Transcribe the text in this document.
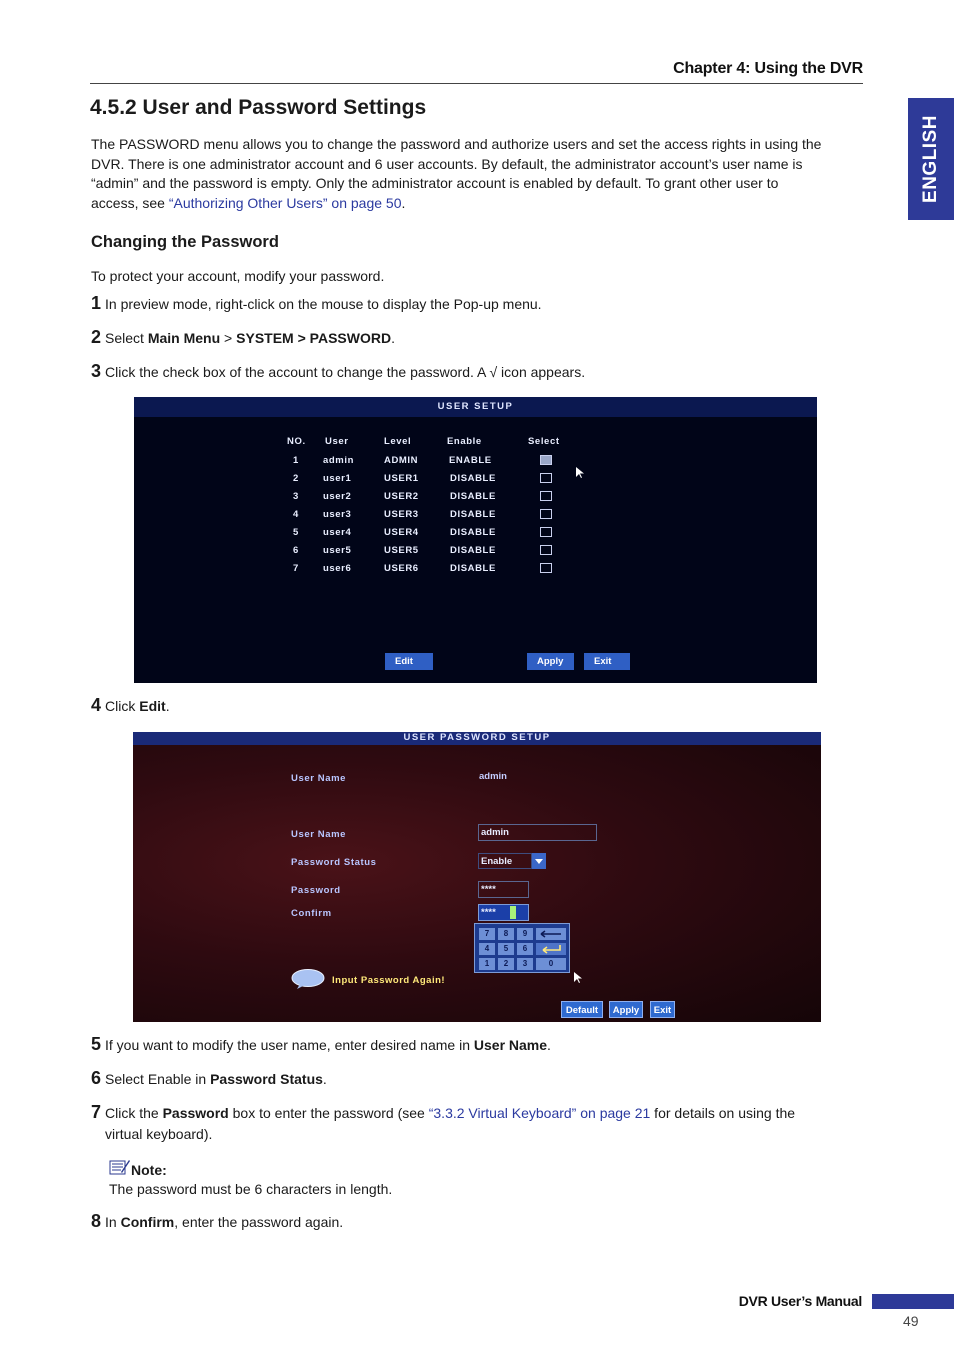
Chapter 4: Using the DVR
ENGLISH
4.5.2 User and Password Settings
The PASSWORD menu allows you to change the password and authorize users and set the access rights in using the
DVR. There is one administrator account and 6 user accounts. By default, the administrator account’s user name is
“admin” and the password is empty. Only the administrator account is enabled by default. To grant other user to
access, see “Authorizing Other Users” on page 50.
Changing the Password
To protect your account, modify your password.
1 In preview mode, right-click on the mouse to display the Pop-up menu.
2 Select Main Menu > SYSTEM > PASSWORD.
3 Click the check box of the account to change the password. A √ icon appears.
USER SETUP
NO. User	Level	Enable	Select
1	admin	ADMIN	ENABLE
2	user1	USER1	DISABLE
3	user2	USER2	DISABLE
4	user3	USER3	DISABLE
5	user4	USER4	DISABLE
6	user5	USER5	DISABLE
7	user6	USER6	DISABLE
Edit	Apply	Exit
4 Click Edit.
USER PASSWORD SETUP
User Name	admin
User Name	admin
Password Status	Enable
Password	****
Confirm	****
7	8	9
4	5	6
1	2	3	0
Input Password Again!
Default	Apply	Exit
5 If you want to modify the user name, enter desired name in User Name.
6 Select Enable in Password Status.
7 Click the Password box to enter the password (see “3.3.2 Virtual Keyboard” on page 21 for details on using the
virtual keyboard).
Note:
The password must be 6 characters in length.
8 In Confirm, enter the password again.
DVR User’s Manual
49
